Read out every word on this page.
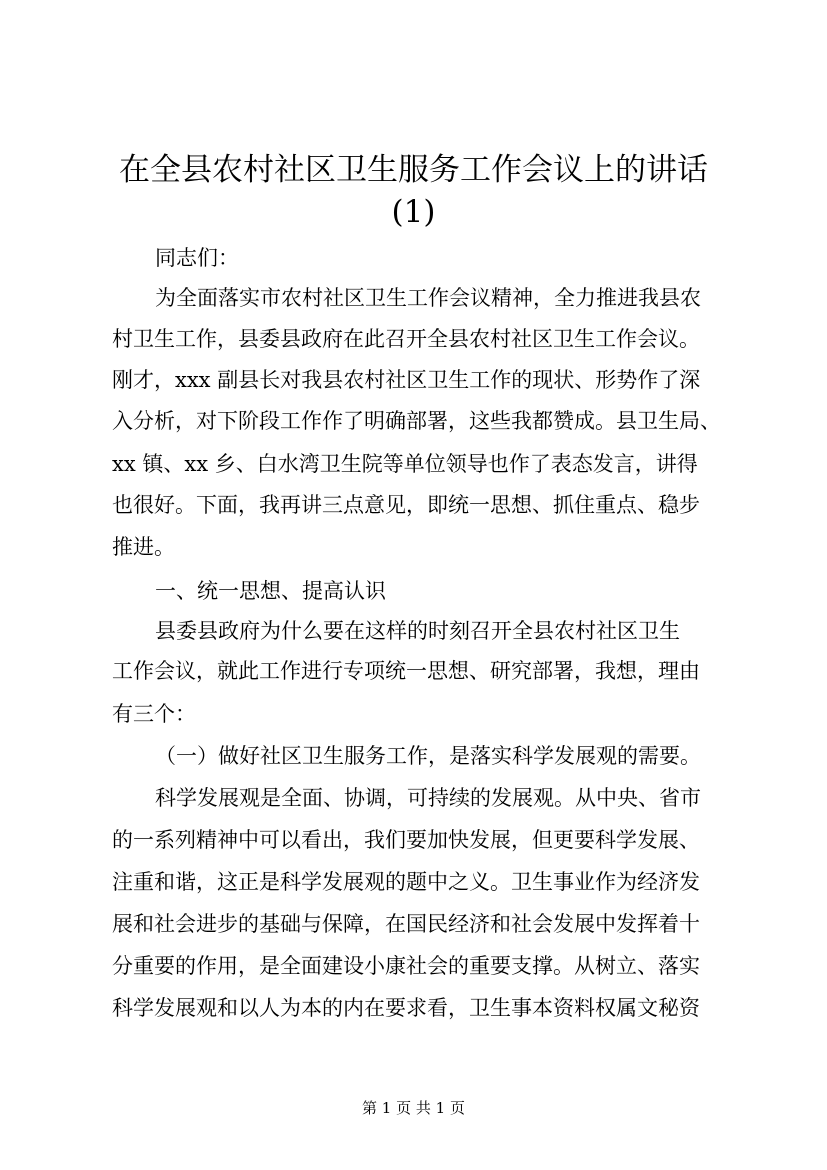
在全县农村社区卫生服务工作会议上的讲话
(1)
同志们：
为全面落实市农村社区卫生工作会议精神，全力推进我县农
村卫生工作，县委县政府在此召开全县农村社区卫生工作会议。
刚才，xxx 副县长对我县农村社区卫生工作的现状、形势作了深
入分析，对下阶段工作作了明确部署，这些我都赞成。县卫生局、
xx 镇、xx 乡、白水湾卫生院等单位领导也作了表态发言，讲得
也很好。下面，我再讲三点意见，即统一思想、抓住重点、稳步
推进。
一、统一思想、提高认识
县委县政府为什么要在这样的时刻召开全县农村社区卫生
工作会议，就此工作进行专项统一思想、研究部署，我想，理由
有三个：
（一）做好社区卫生服务工作，是落实科学发展观的需要。
科学发展观是全面、协调，可持续的发展观。从中央、省市
的一系列精神中可以看出，我们要加快发展，但更要科学发展、
注重和谐，这正是科学发展观的题中之义。卫生事业作为经济发
展和社会进步的基础与保障，在国民经济和社会发展中发挥着十
分重要的作用，是全面建设小康社会的重要支撑。从树立、落实
科学发展观和以人为本的内在要求看，卫生事本资料权属文秘资
第 1 页 共 1 页
